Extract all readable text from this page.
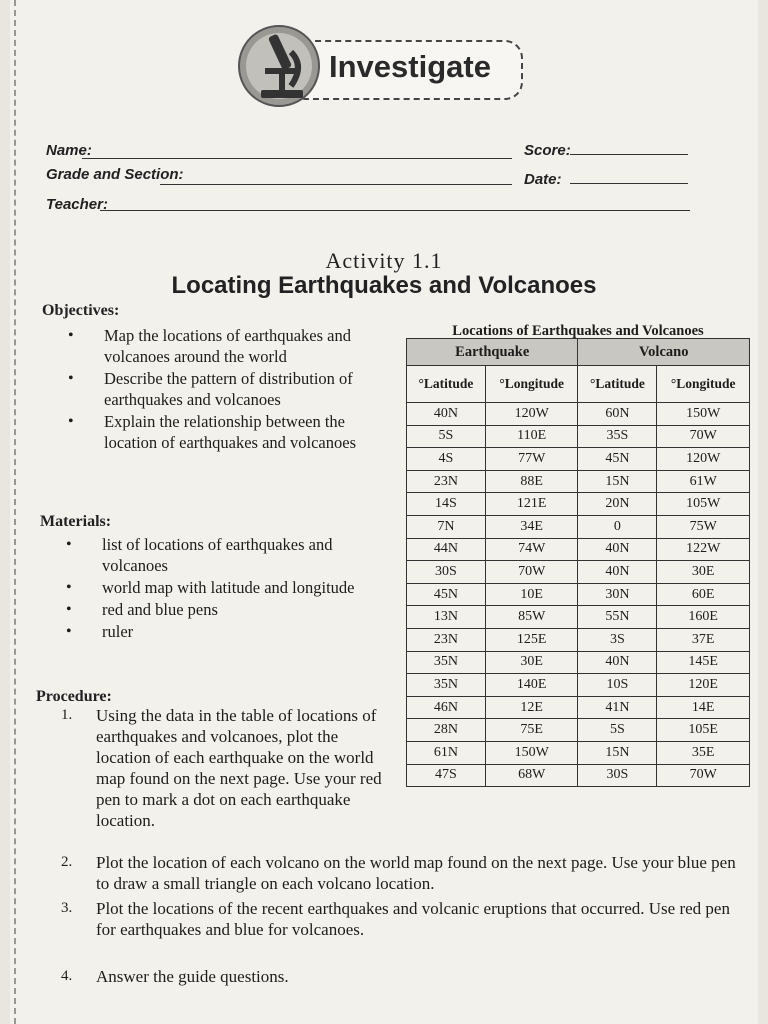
Investigate
Name:	Score:
Grade and Section:	Date:
Teacher:
Activity 1.1
Locating Earthquakes and Volcanoes
Objectives:
• Map the locations of earthquakes and volcanoes around the world
• Describe the pattern of distribution of earthquakes and volcanoes
• Explain the relationship between the location of earthquakes and volcanoes
Materials:
• list of locations of earthquakes and volcanoes
• world map with latitude and longitude
• red and blue pens
• ruler
Procedure:
1. Using the data in the table of locations of earthquakes and volcanoes, plot the location of each earthquake on the world map found on the next page. Use your red pen to mark a dot on each earthquake location.
2. Plot the location of each volcano on the world map found on the next page. Use your blue pen to draw a small triangle on each volcano location.
3. Plot the locations of the recent earthquakes and volcanic eruptions that occurred. Use red pen for earthquakes and blue for volcanoes.
4. Answer the guide questions.
Locations of Earthquakes and Volcanoes
Earthquake		Volcano	
°Latitude	°Longitude	°Latitude	°Longitude
40N	120W	60N	150W
5S	110E	35S	70W
4S	77W	45N	120W
23N	88E	15N	61W
14S	121E	20N	105W
7N	34E	0	75W
44N	74W	40N	122W
30S	70W	40N	30E
45N	10E	30N	60E
13N	85W	55N	160E
23N	125E	3S	37E
35N	30E	40N	145E
35N	140E	10S	120E
46N	12E	41N	14E
28N	75E	5S	105E
61N	150W	15N	35E
47S	68W	30S	70W
